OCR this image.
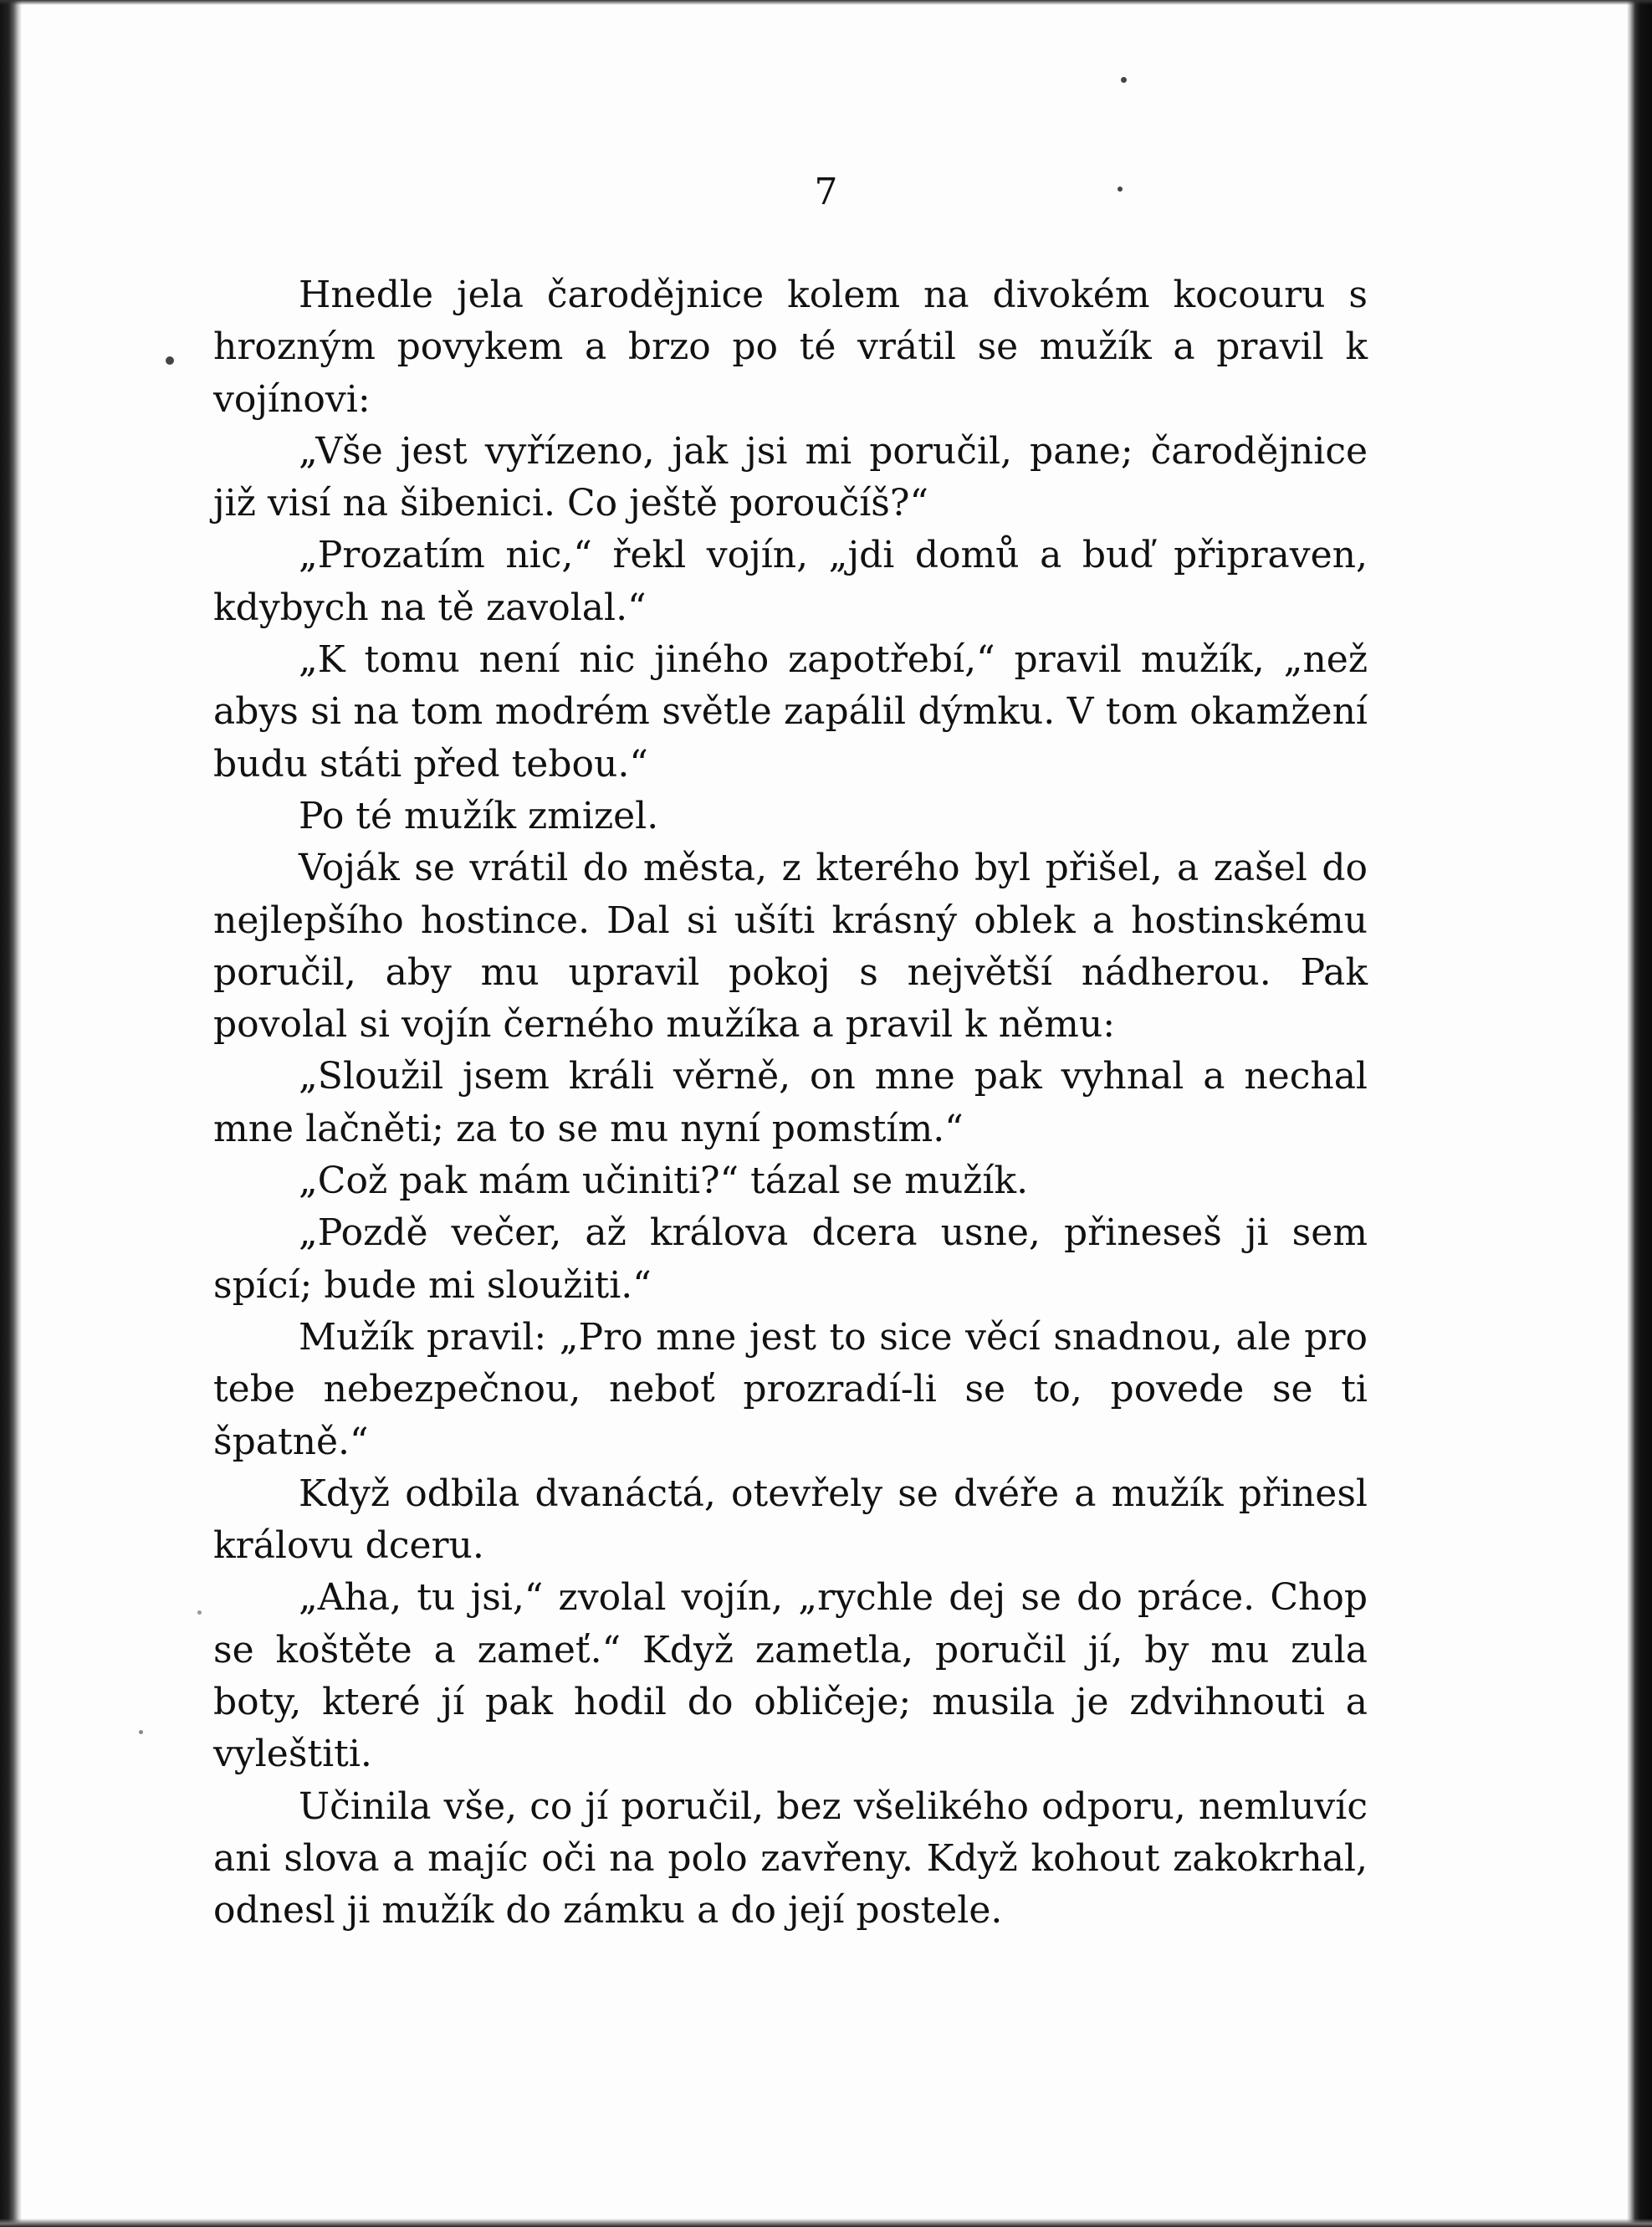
7

Hnedle jela čarodějnice kolem na divokém kocouru s hrozným povykem a brzo po té vrátil se mužík a pravil k vojínovi:

„Vše jest vyřízeno, jak jsi mi poručil, pane; čarodějnice již visí na šibenici. Co ještě poroučíš?“

„Prozatím nic,“ řekl vojín, „jdi domů a buď připraven, kdybych na tě zavolal.“

„K tomu není nic jiného zapotřebí,“ pravil mužík, „než abys si na tom modrém světle zapálil dýmku. V tom okamžení budu státi před tebou.“

Po té mužík zmizel.

Voják se vrátil do města, z kterého byl přišel, a zašel do nejlepšího hostince. Dal si ušíti krásný oblek a hostinskému poručil, aby mu upravil pokoj s největší nádherou. Pak povolal si vojín černého mužíka a pravil k němu:

„Sloužil jsem králi věrně, on mne pak vyhnal a nechal mne lačněti; za to se mu nyní pomstím.“

„Což pak mám učiniti?“ tázal se mužík.

„Pozdě večer, až králova dcera usne, přineseš ji sem spící; bude mi sloužiti.“

Mužík pravil: „Pro mne jest to sice věcí snadnou, ale pro tebe nebezpečnou, neboť prozradí-li se to, povede se ti špatně.“

Když odbila dvanáctá, otevřely se dvéře a mužík přinesl královu dceru.

„Aha, tu jsi,“ zvolal vojín, „rychle dej se do práce. Chop se koštěte a zameť.“ Když zametla, poručil jí, by mu zula boty, které jí pak hodil do obličeje; musila je zdvihnouti a vyleštiti.

Učinila vše, co jí poručil, bez všelikého odporu, nemluvíc ani slova a majíc oči na polo zavřeny. Když kohout zakokrhal, odnesl ji mužík do zámku a do její postele.
